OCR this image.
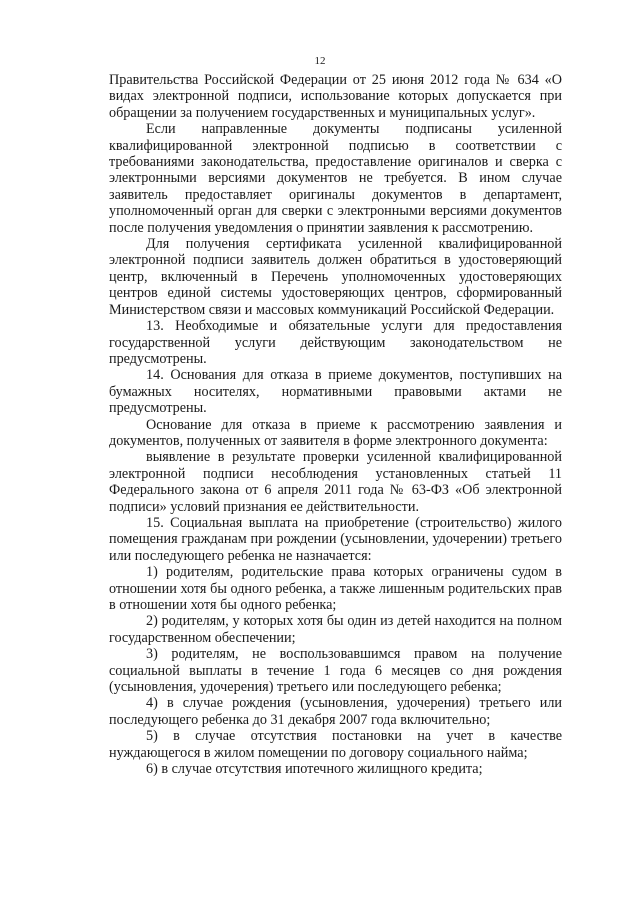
12

Правительства Российской Федерации от 25 июня 2012 года № 634 «О видах электронной подписи, использование которых допускается при обращении за получением государственных и муниципальных услуг».

Если направленные документы подписаны усиленной квалифицированной электронной подписью в соответствии с требованиями законодательства, предоставление оригиналов и сверка с электронными версиями документов не требуется. В ином случае заявитель предоставляет оригиналы документов в департамент, уполномоченный орган для сверки с электронными версиями документов после получения уведомления о принятии заявления к рассмотрению.

Для получения сертификата усиленной квалифицированной электронной подписи заявитель должен обратиться в удостоверяющий центр, включенный в Перечень уполномоченных удостоверяющих центров единой системы удостоверяющих центров, сформированный Министерством связи и массовых коммуникаций Российской Федерации.

13. Необходимые и обязательные услуги для предоставления государственной услуги действующим законодательством не предусмотрены.

14. Основания для отказа в приеме документов, поступивших на бумажных носителях, нормативными правовыми актами не предусмотрены.

Основание для отказа в приеме к рассмотрению заявления и документов, полученных от заявителя в форме электронного документа:

выявление в результате проверки усиленной квалифицированной электронной подписи несоблюдения установленных статьей 11 Федерального закона от 6 апреля 2011 года № 63-ФЗ «Об электронной подписи» условий признания ее действительности.

15. Социальная выплата на приобретение (строительство) жилого помещения гражданам при рождении (усыновлении, удочерении) третьего или последующего ребенка не назначается:

1) родителям, родительские права которых ограничены судом в отношении хотя бы одного ребенка, а также лишенным родительских прав в отношении хотя бы одного ребенка;

2) родителям, у которых хотя бы один из детей находится на полном государственном обеспечении;

3) родителям, не воспользовавшимся правом на получение социальной выплаты в течение 1 года 6 месяцев со дня рождения (усыновления, удочерения) третьего или последующего ребенка;

4) в случае рождения (усыновления, удочерения) третьего или последующего ребенка до 31 декабря 2007 года включительно;

5) в случае отсутствия постановки на учет в качестве нуждающегося в жилом помещении по договору социального найма;

6) в случае отсутствия ипотечного жилищного кредита;
